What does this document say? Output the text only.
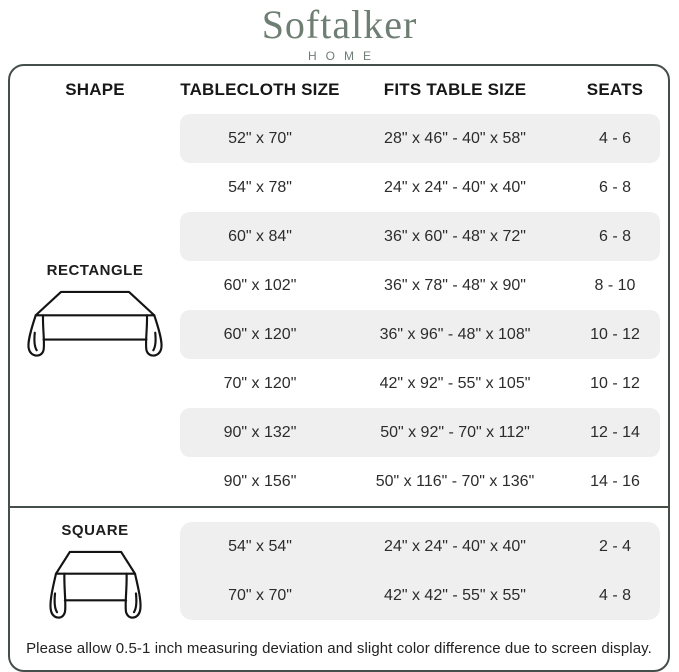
Softalker
HOME
SHAPE	TABLECLOTH SIZE	FITS TABLE SIZE	SEATS
RECTANGLE
52" x 70"	28" x 46" - 40" x 58"	4 - 6
54" x 78"	24" x 24" - 40" x 40"	6 - 8
60" x 84"	36" x 60" - 48" x 72"	6 - 8
60" x 102"	36" x 78" - 48" x 90"	8 - 10
60" x 120"	36" x 96" - 48" x 108"	10 - 12
70" x 120"	42" x 92" - 55" x 105"	10 - 12
90" x 132"	50" x 92" - 70" x 112"	12 - 14
90" x 156"	50" x 116" - 70" x 136"	14 - 16
SQUARE
54" x 54"	24" x 24" - 40" x 40"	2 - 4
70" x 70"	42" x 42" - 55" x 55"	4 - 8
Please allow 0.5-1 inch measuring deviation and slight color difference due to screen display.
